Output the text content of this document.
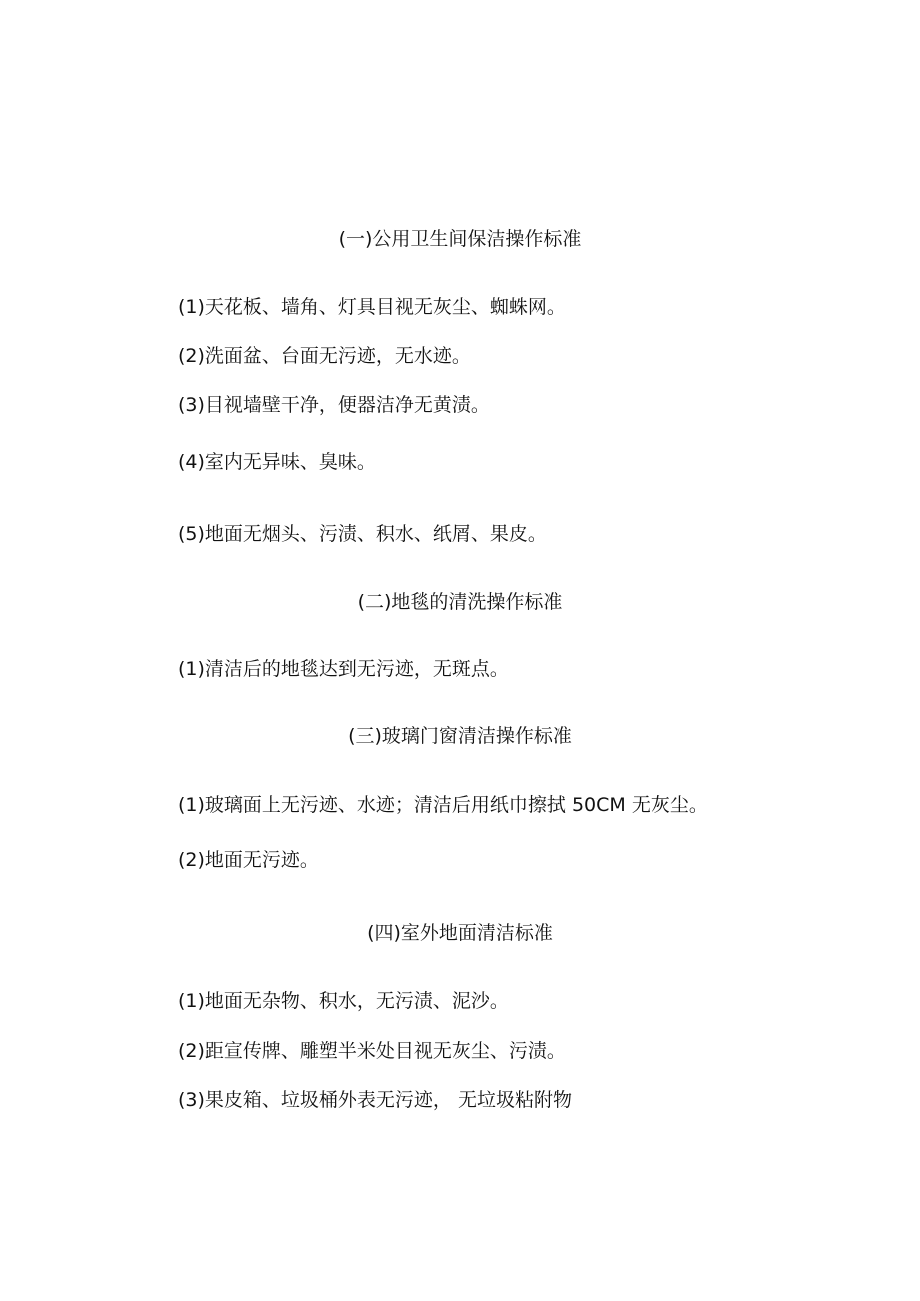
(一)公用卫生间保洁操作标准

(1)天花板、墙角、灯具目视无灰尘、蜘蛛网。

(2)洗面盆、台面无污迹，无水迹。

(3)目视墙壁干净，便器洁净无黄渍。

(4)室内无异味、臭味。

(5)地面无烟头、污渍、积水、纸屑、果皮。

(二)地毯的清洗操作标准

(1)清洁后的地毯达到无污迹，无斑点。

(三)玻璃门窗清洁操作标准

(1)玻璃面上无污迹、水迹；清洁后用纸巾擦拭 50CM 无灰尘。

(2)地面无污迹。

(四)室外地面清洁标准

(1)地面无杂物、积水，无污渍、泥沙。

(2)距宣传牌、雕塑半米处目视无灰尘、污渍。

(3)果皮箱、垃圾桶外表无污迹， 无垃圾粘附物
